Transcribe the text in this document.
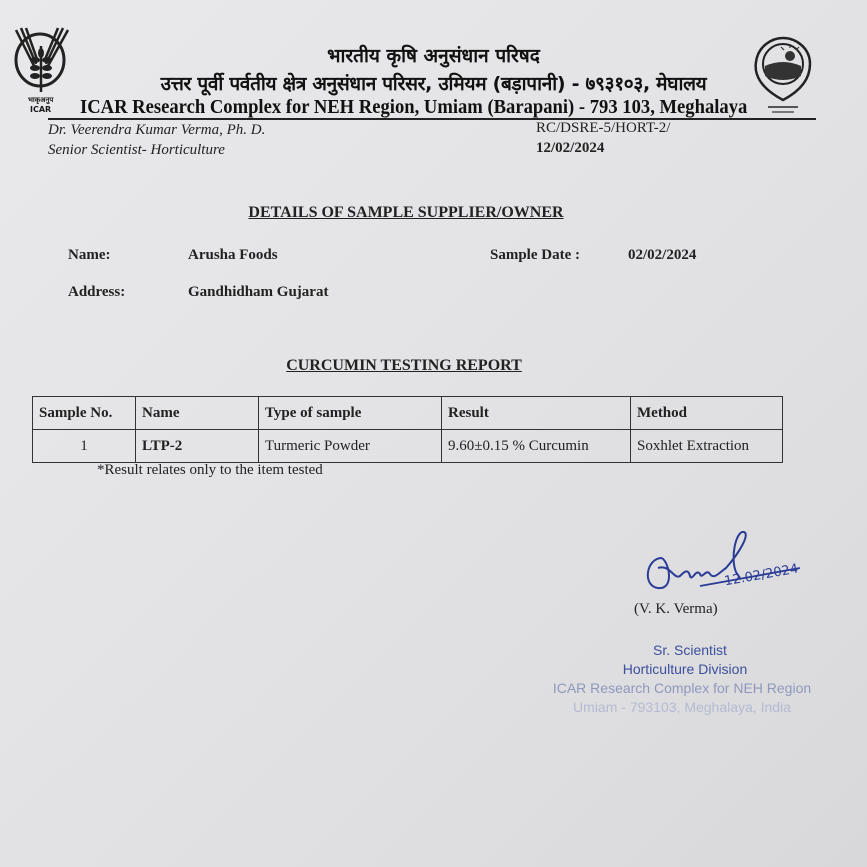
भाकृअनुप
ICAR
भारतीय कृषि अनुसंधान परिषद
उत्तर पूर्वी पर्वतीय क्षेत्र अनुसंधान परिसर, उमियम (बड़ापानी) - ७९३१०३, मेघालय
ICAR Research Complex for NEH Region, Umiam (Barapani) - 793 103, Meghalaya
Dr. Veerendra Kumar Verma, Ph. D.
Senior Scientist- Horticulture
RC/DSRE-5/HORT-2/
12/02/2024
DETAILS OF SAMPLE SUPPLIER/OWNER
Name:	Arusha Foods	Sample Date :	02/02/2024
Address:	Gandhidham Gujarat
CURCUMIN TESTING REPORT
Sample No.	Name	Type of sample	Result	Method
1	LTP-2	Turmeric Powder	9.60±0.15 % Curcumin	Soxhlet Extraction
*Result relates only to the item tested
12.02/2024
(V. K. Verma)
Sr. Scientist
Horticulture Division
ICAR Research Complex for NEH Region
Umiam - 793103, Meghalaya, India
